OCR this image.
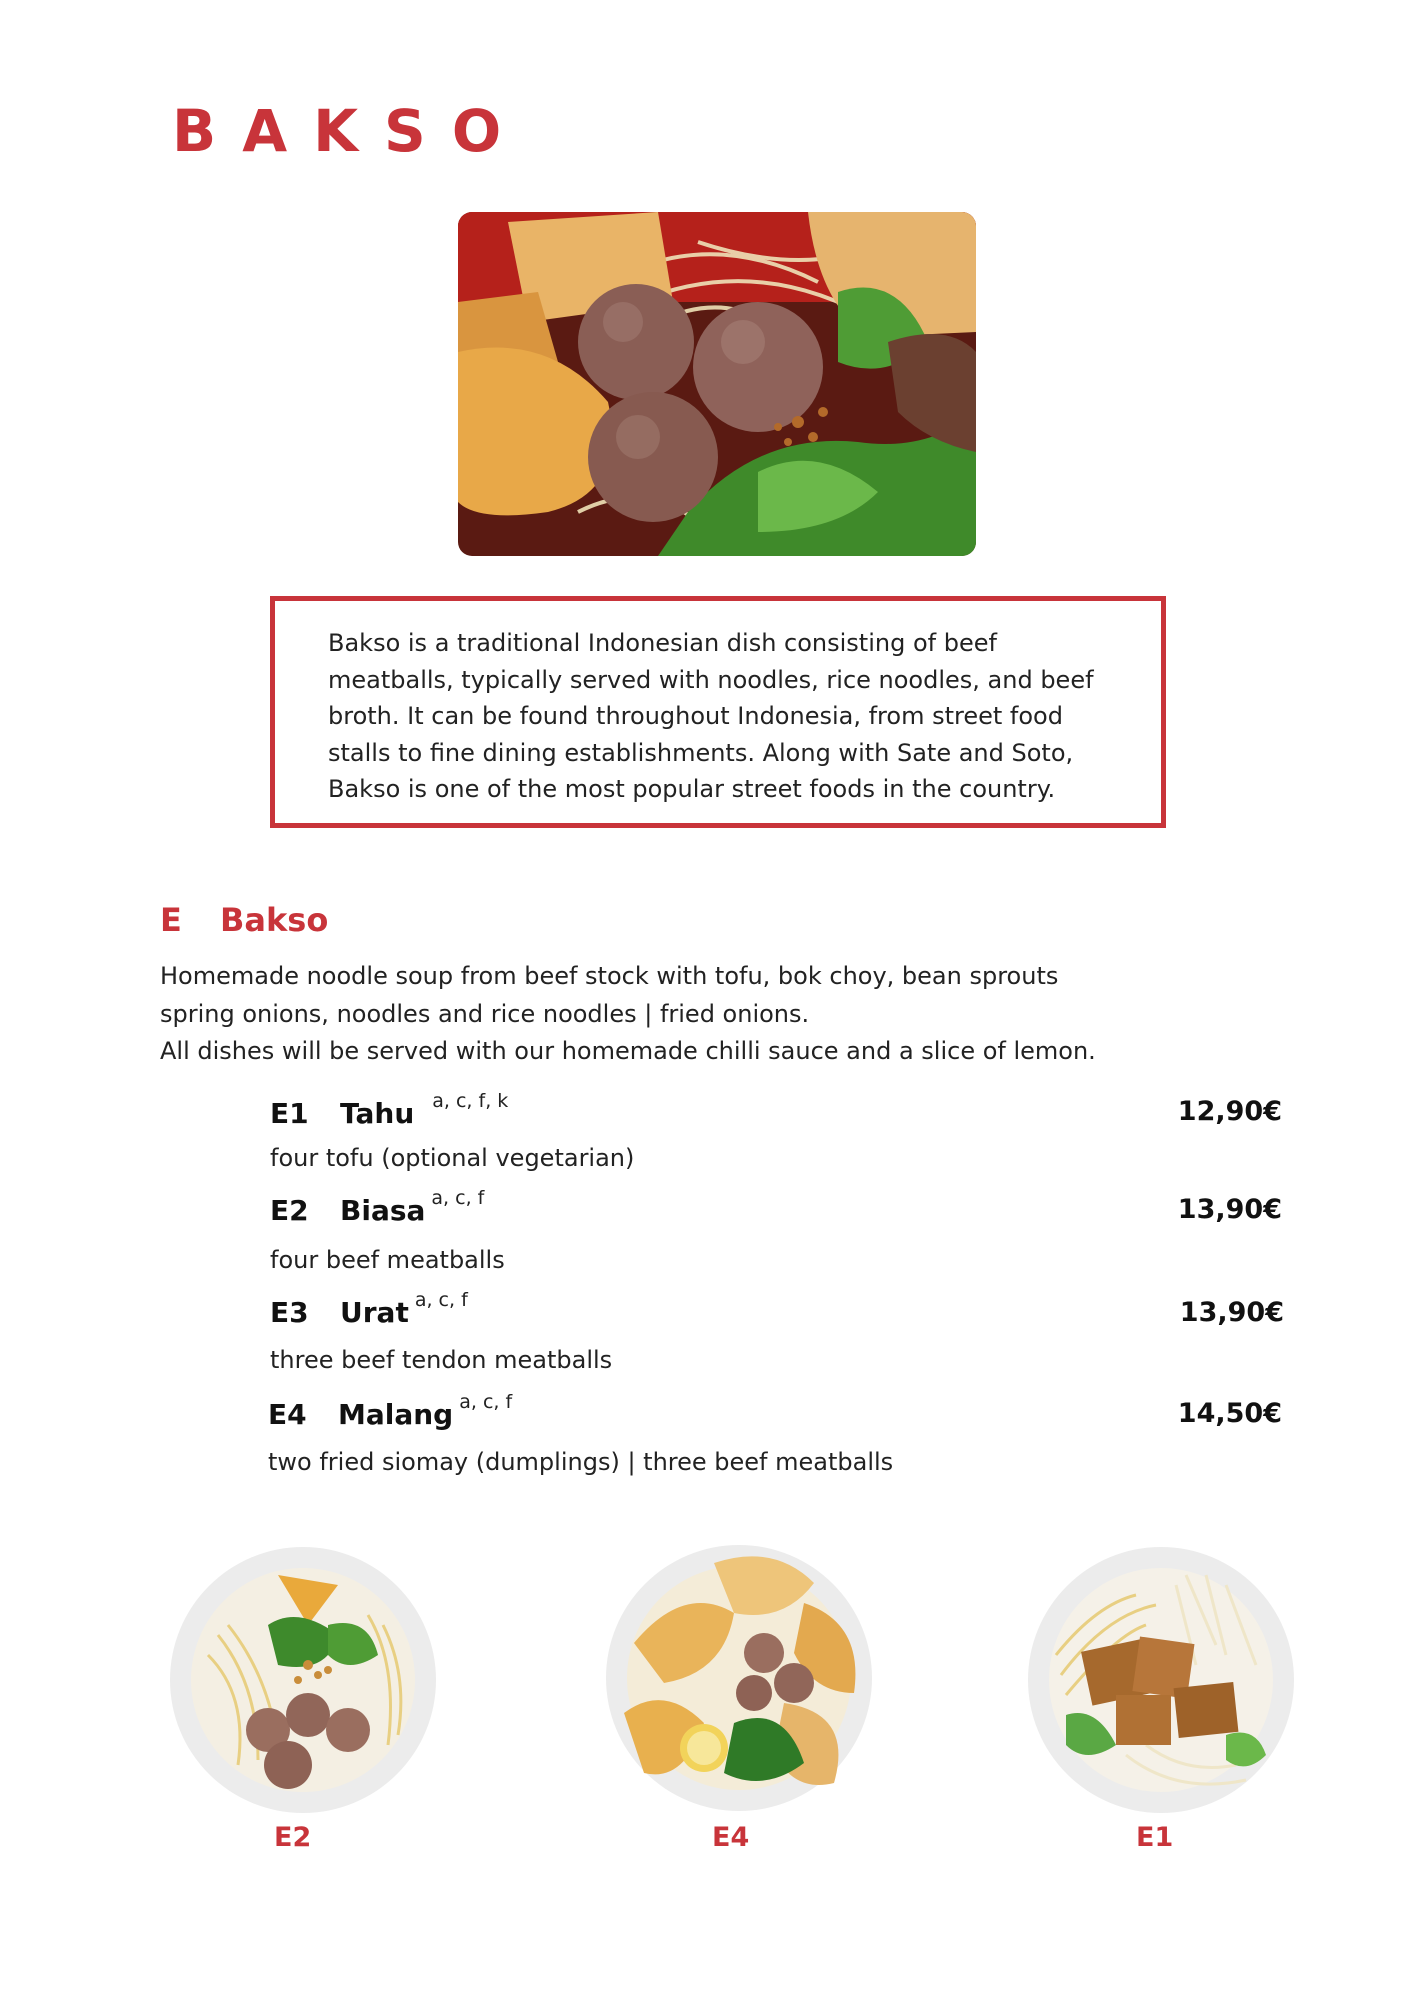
BAKSO
Bakso is a traditional Indonesian dish consisting of beef meatballs, typically served with noodles, rice noodles, and beef broth. It can be found throughout Indonesia, from street food stalls to fine dining establishments. Along with Sate and Soto, Bakso is one of the most popular street foods in the country.
E Bakso
Homemade noodle soup from beef stock with tofu, bok choy, bean sprouts
spring onions, noodles and rice noodles | fried onions.
All dishes will be served with our homemade chilli sauce and a slice of lemon.
E1 Tahu a, c, f, k	12,90€
four tofu (optional vegetarian)
E2 Biasa a, c, f	13,90€
four beef meatballs
E3 Urat a, c, f	13,90€
three beef tendon meatballs
E4 Malang a, c, f	14,50€
two fried siomay (dumplings) | three beef meatballs
E2	E4	E1
